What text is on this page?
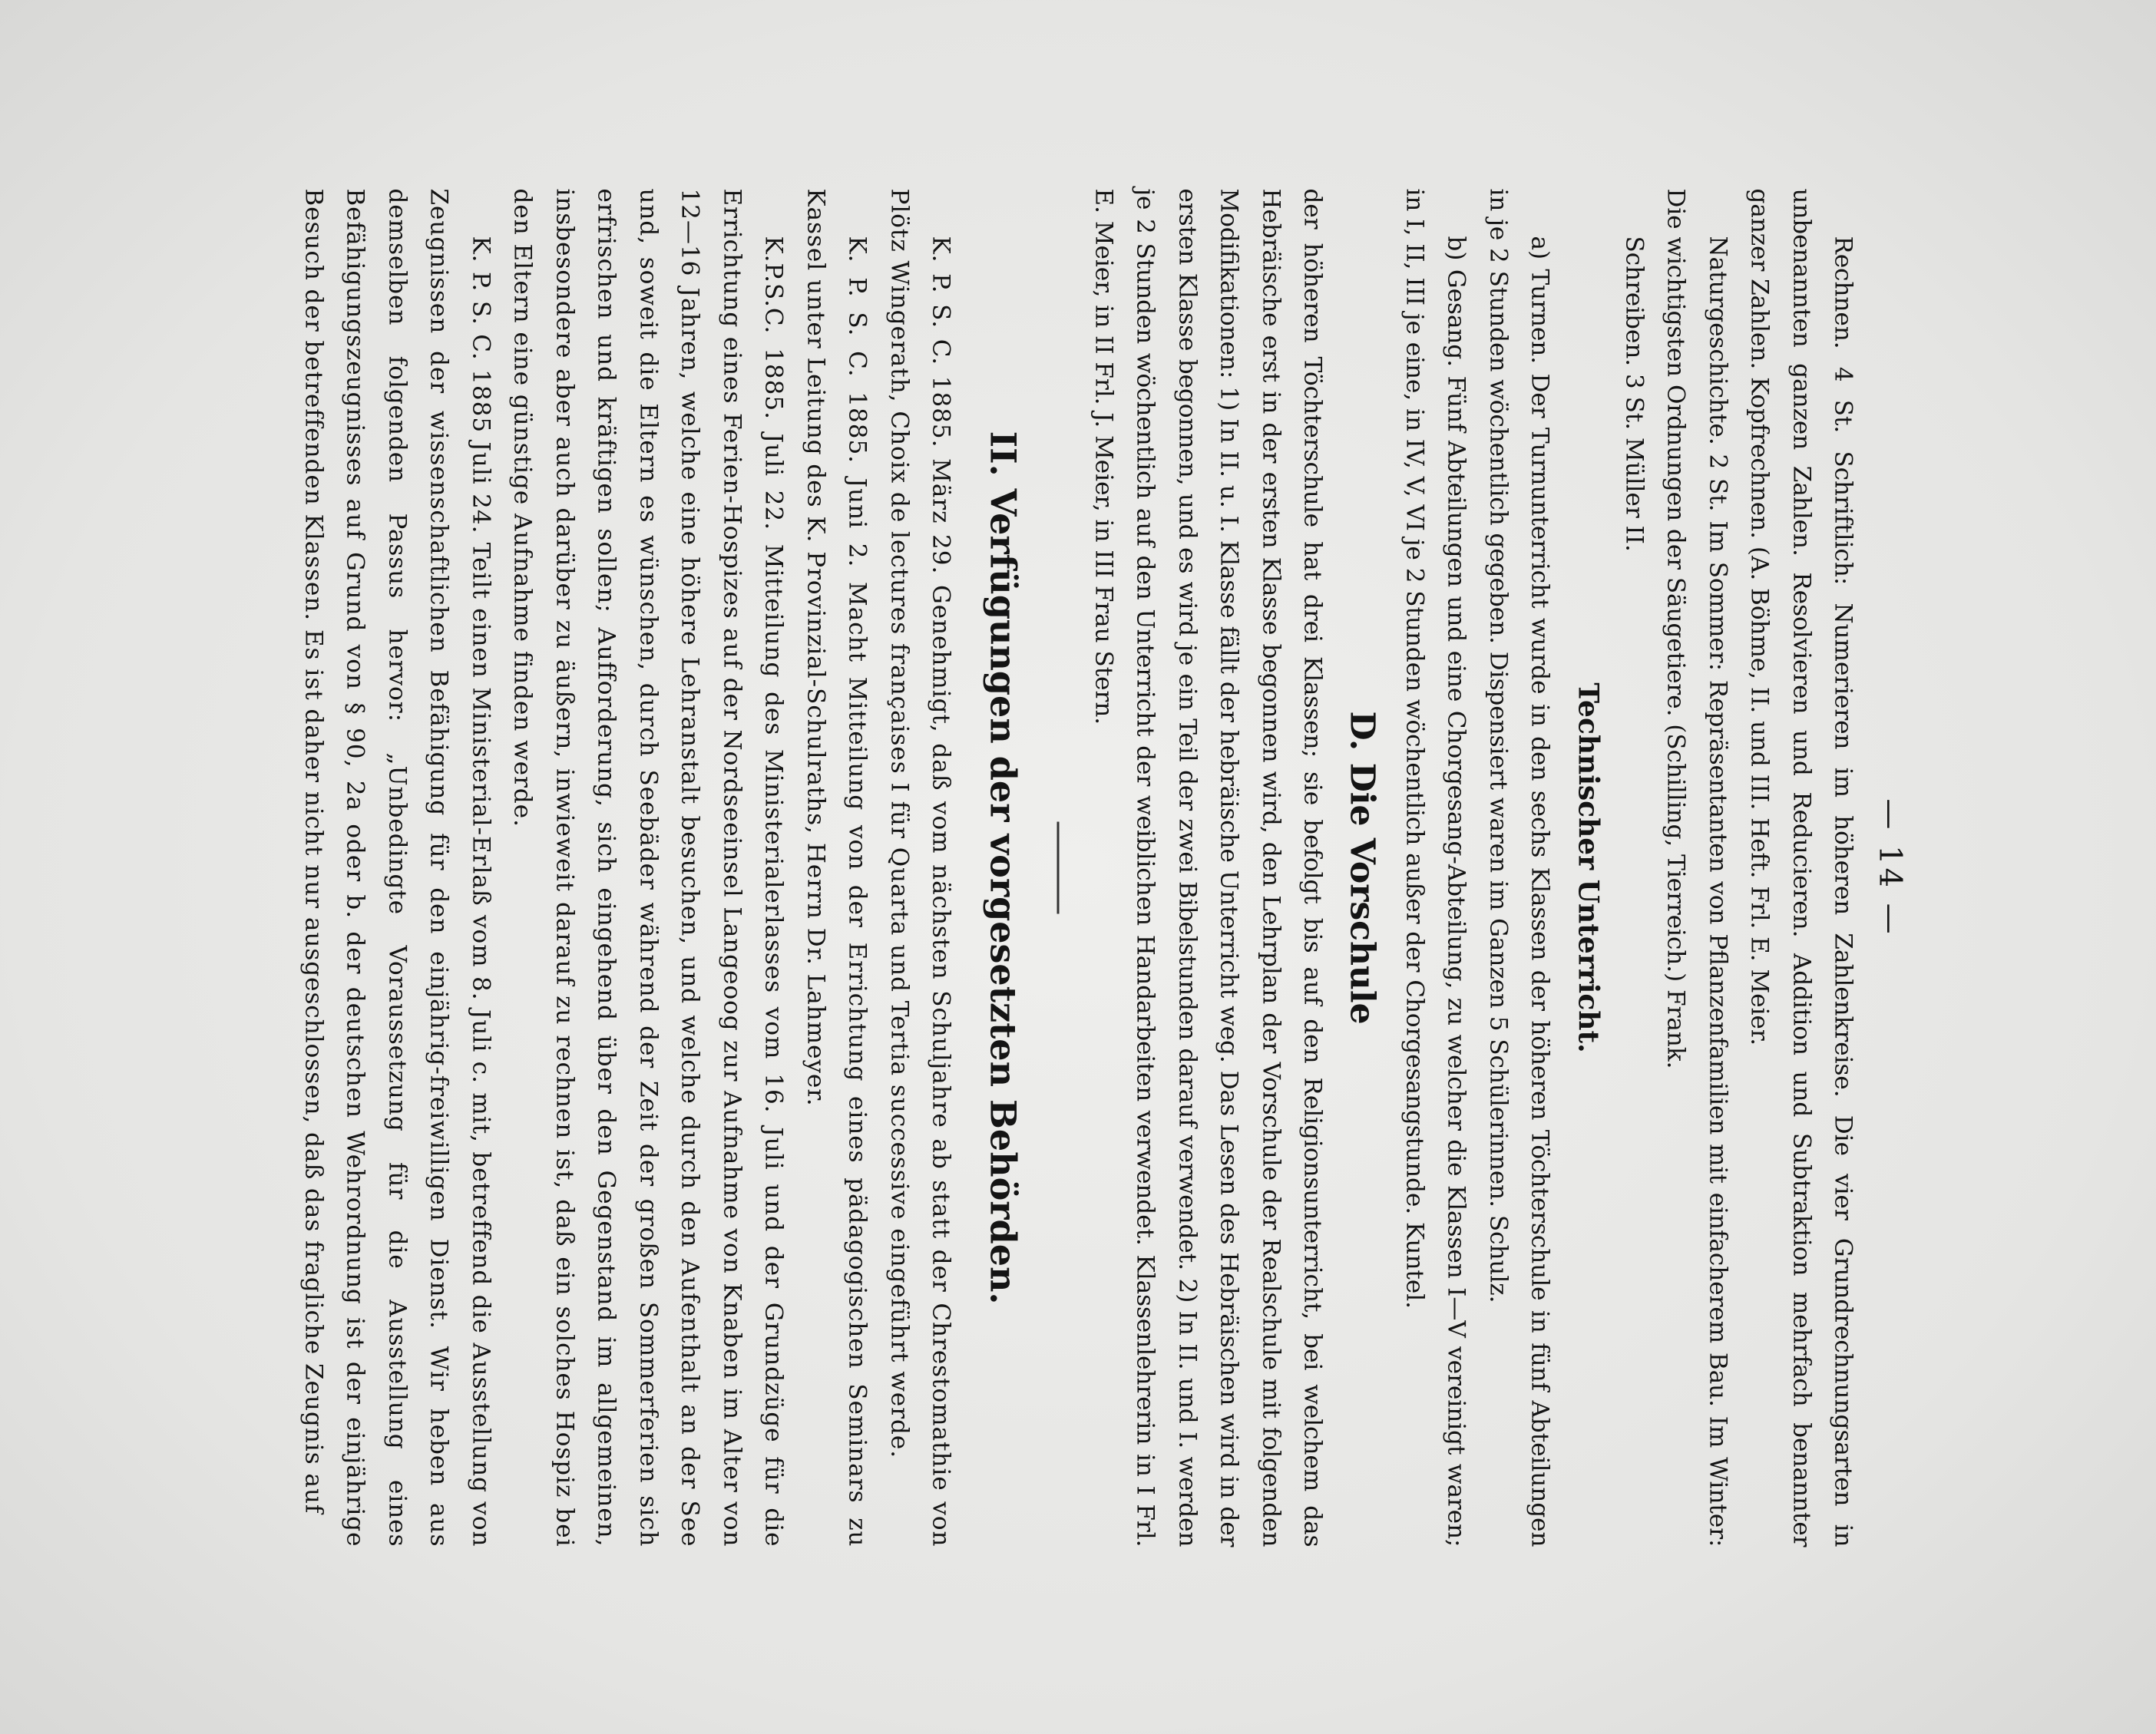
— 14 —

Rechnen. 4 St. Schriftlich: Numerieren im höheren Zahlenkreise. Die vier Grundrechnungsarten in unbenannten ganzen Zahlen. Resolvieren und Reducieren. Addition und Subtraktion mehrfach benannter ganzer Zahlen. Kopfrechnen. (A. Böhme, II. und III. Heft. Frl. E. Meier.

Naturgeschichte. 2 St. Im Sommer: Repräsentanten von Pflanzenfamilien mit einfacherem Bau. Im Winter: Die wichtigsten Ordnungen der Säugetiere. (Schilling, Tierreich.) Frank.

Schreiben. 3 St. Müller II.

Technischer Unterricht.

a) Turnen. Der Turnunterricht wurde in den sechs Klassen der höheren Töchterschule in fünf Abteilungen in je 2 Stunden wöchentlich gegeben. Dispensiert waren im Ganzen 5 Schülerinnen. Schulz.

b) Gesang. Fünf Abteilungen und eine Chorgesang-Abteilung, zu welcher die Klassen I—V vereinigt waren; in I, II, III je eine, in IV, V, VI je 2 Stunden wöchentlich außer der Chorgesangstunde. Kuntel.

D. Die Vorschule

der höheren Töchterschule hat drei Klassen; sie befolgt bis auf den Religionsunterricht, bei welchem das Hebräische erst in der ersten Klasse begonnen wird, den Lehrplan der Vorschule der Realschule mit folgenden Modifikationen: 1) In II. u. I. Klasse fällt der hebräische Unterricht weg. Das Lesen des Hebräischen wird in der ersten Klasse begonnen, und es wird je ein Teil der zwei Bibelstunden darauf verwendet. 2) In II. und I. werden je 2 Stunden wöchentlich auf den Unterricht der weiblichen Handarbeiten verwendet. Klassenlehrerin in I Frl. E. Meier, in II Frl. J. Meier, in III Frau Stern.

II. Verfügungen der vorgesetzten Behörden.

K. P. S. C. 1885. März 29. Genehmigt, daß vom nächsten Schuljahre ab statt der Chrestomathie von Plötz Wingerath, Choix de lectures françaises I für Quarta und Tertia successive eingeführt werde.

K. P. S. C. 1885. Juni 2. Macht Mitteilung von der Errichtung eines pädagogischen Seminars zu Kassel unter Leitung des K. Provinzial-Schulraths, Herrn Dr. Lahmeyer.

K.P.S.C. 1885. Juli 22. Mitteilung des Ministerialerlasses vom 16. Juli und der Grundzüge für die Errichtung eines Ferien-Hospizes auf der Nordseeinsel Langeoog zur Aufnahme von Knaben im Alter von 12—16 Jahren, welche eine höhere Lehranstalt besuchen, und welche durch den Aufenthalt an der See und, soweit die Eltern es wünschen, durch Seebäder während der Zeit der großen Sommerferien sich erfrischen und kräftigen sollen; Aufforderung, sich eingehend über den Gegenstand im allgemeinen, insbesondere aber auch darüber zu äußern, inwieweit darauf zu rechnen ist, daß ein solches Hospiz bei den Eltern eine günstige Aufnahme finden werde.

K. P. S. C. 1885 Juli 24. Teilt einen Ministerial-Erlaß vom 8. Juli c. mit, betreffend die Ausstellung von Zeugnissen der wissenschaftlichen Befähigung für den einjährig-freiwilligen Dienst. Wir heben aus demselben folgenden Passus hervor: „Unbedingte Voraussetzung für die Ausstellung eines Befähigungszeugnisses auf Grund von § 90, 2a oder b. der deutschen Wehrordnung ist der einjährige Besuch der betreffenden Klassen. Es ist daher nicht nur ausgeschlossen, daß das fragliche Zeugnis auf
